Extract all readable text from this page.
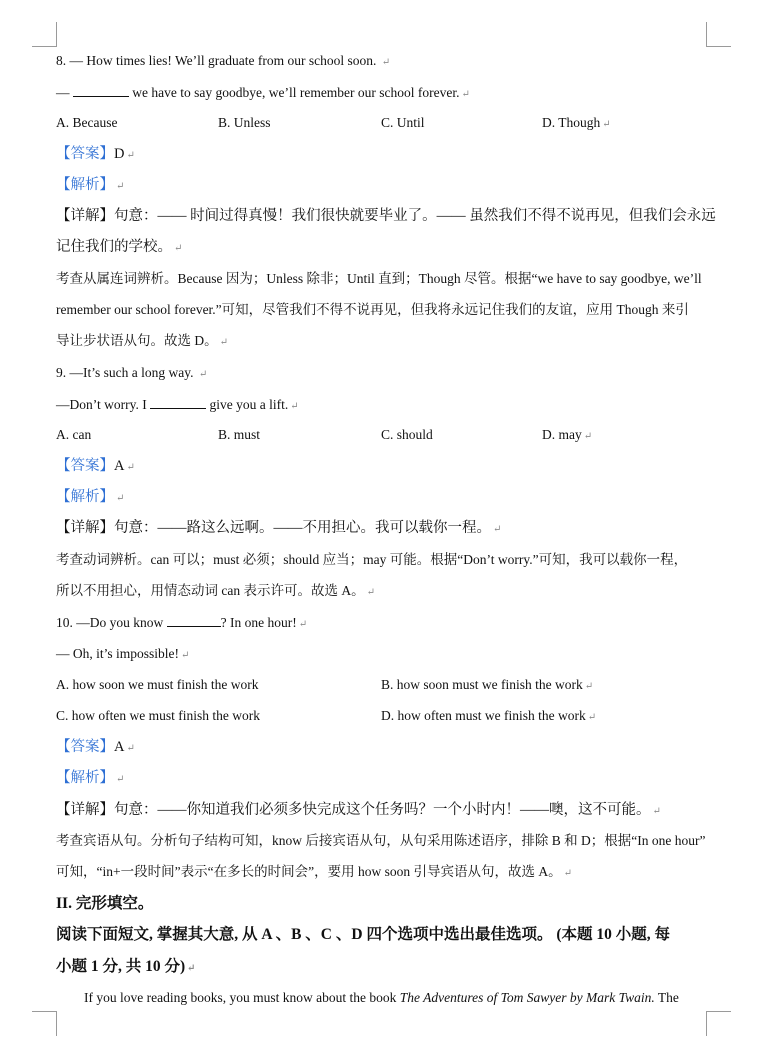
8. — How times lies! We’ll graduate from our school soon. ↵
—	we have to say goodbye, we’ll remember our school forever. ↵
A. Because	B. Unless	C. Until	D. Though ↵
【答案】D ↵
【解析】 ↵
【详解】句意：—— 时间过得真慢！我们很快就要毕业了。—— 虽然我们不得不说再见，但我们会永远
记住我们的学校。 ↵
考查从属连词辨析。Because 因为；Unless 除非；Until 直到；Though 尽管。根据“we have to say goodbye, we’ll
remember our school forever.”可知，尽管我们不得不说再见，但我将永远记住我们的友谊，应用 Though 来引
导让步状语从句。故选 D。 ↵
9. —It’s such a long way. ↵
—Don’t worry. I	give you a lift. ↵
A. can	B. must	C. should	D. may ↵
【答案】A ↵
【解析】 ↵
【详解】句意：——路这么远啊。——不用担心。我可以载你一程。 ↵
考查动词辨析。can 可以；must 必须；should 应当；may 可能。根据“Don’t worry.”可知，我可以载你一程，
所以不用担心，用情态动词 can 表示许可。故选 A。 ↵
10. —Do you know	? In one hour! ↵
— Oh, it’s impossible! ↵
A. how soon we must finish the work	B. how soon must we finish the work ↵
C. how often we must finish the work	D. how often must we finish the work ↵
【答案】A ↵
【解析】 ↵
【详解】句意：——你知道我们必须多快完成这个任务吗？一个小时内！——噢，这不可能。 ↵
考查宾语从句。分析句子结构可知，know 后接宾语从句，从句采用陈述语序，排除 B 和 D；根据“In one hour”
可知，“in+一段时间”表示“在多长的时间会”，要用 how soon 引导宾语从句，故选 A。 ↵
II. 完形填空。
阅读下面短文, 掌握其大意, 从 A 、B 、C 、D 四个选项中选出最佳选项。 (本题 10 小题, 每
小题 1 分, 共 10 分) ↵
If you love reading books, you must know about the book The Adventures of Tom Sawyer by Mark Twain. The
